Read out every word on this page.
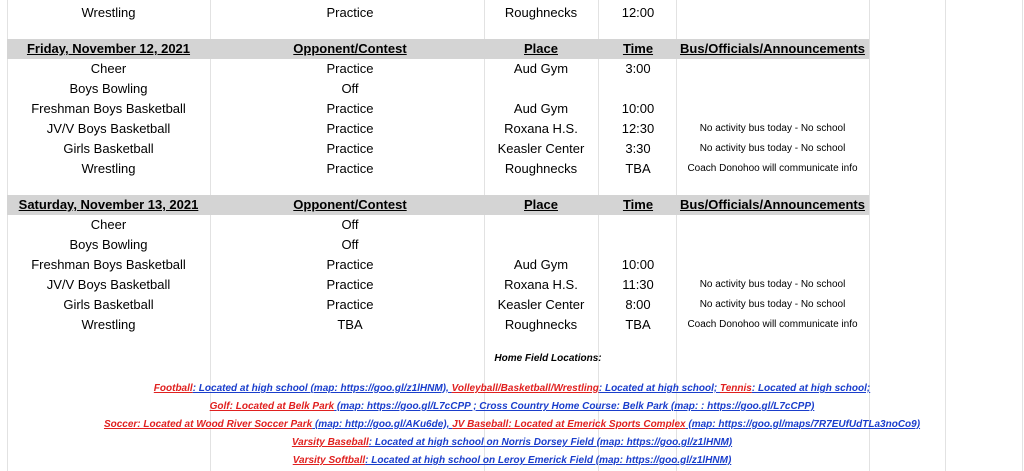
Wrestling	Practice	Roughnecks	12:00
Friday, November 12, 2021	Opponent/Contest	Place	Time	Bus/Officials/Announcements
Cheer	Practice	Aud Gym	3:00
Boys Bowling	Off
Freshman Boys Basketball	Practice	Aud Gym	10:00
JV/V Boys Basketball	Practice	Roxana H.S.	12:30	No activity bus today - No school
Girls Basketball	Practice	Keasler Center	3:30	No activity bus today - No school
Wrestling	Practice	Roughnecks	TBA	Coach Donohoo will communicate info
Saturday, November 13, 2021	Opponent/Contest	Place	Time	Bus/Officials/Announcements
Cheer	Off
Boys Bowling	Off
Freshman Boys Basketball	Practice	Aud Gym	10:00
JV/V Boys Basketball	Practice	Roxana H.S.	11:30	No activity bus today - No school
Girls Basketball	Practice	Keasler Center	8:00	No activity bus today - No school
Wrestling	TBA	Roughnecks	TBA	Coach Donohoo will communicate info
Home Field Locations:
Football: Located at high school (map: https://goo.gl/z1lHNM), Volleyball/Basketball/Wrestling: Located at high school; Tennis: Located at high school;
Golf: Located at Belk Park (map: https://goo.gl/L7cCPP ; Cross Country Home Course: Belk Park (map: : https://goo.gl/L7cCPP)
Soccer: Located at Wood River Soccer Park (map: http://goo.gl/AKu6de), JV Baseball: Located at Emerick Sports Complex (map: https://goo.gl/maps/7R7EUfUdTLa3noCo9)
Varsity Baseball: Located at high school on Norris Dorsey Field (map: https://goo.gl/z1lHNM)
Varsity Softball: Located at high school on Leroy Emerick Field (map: https://goo.gl/z1lHNM)
